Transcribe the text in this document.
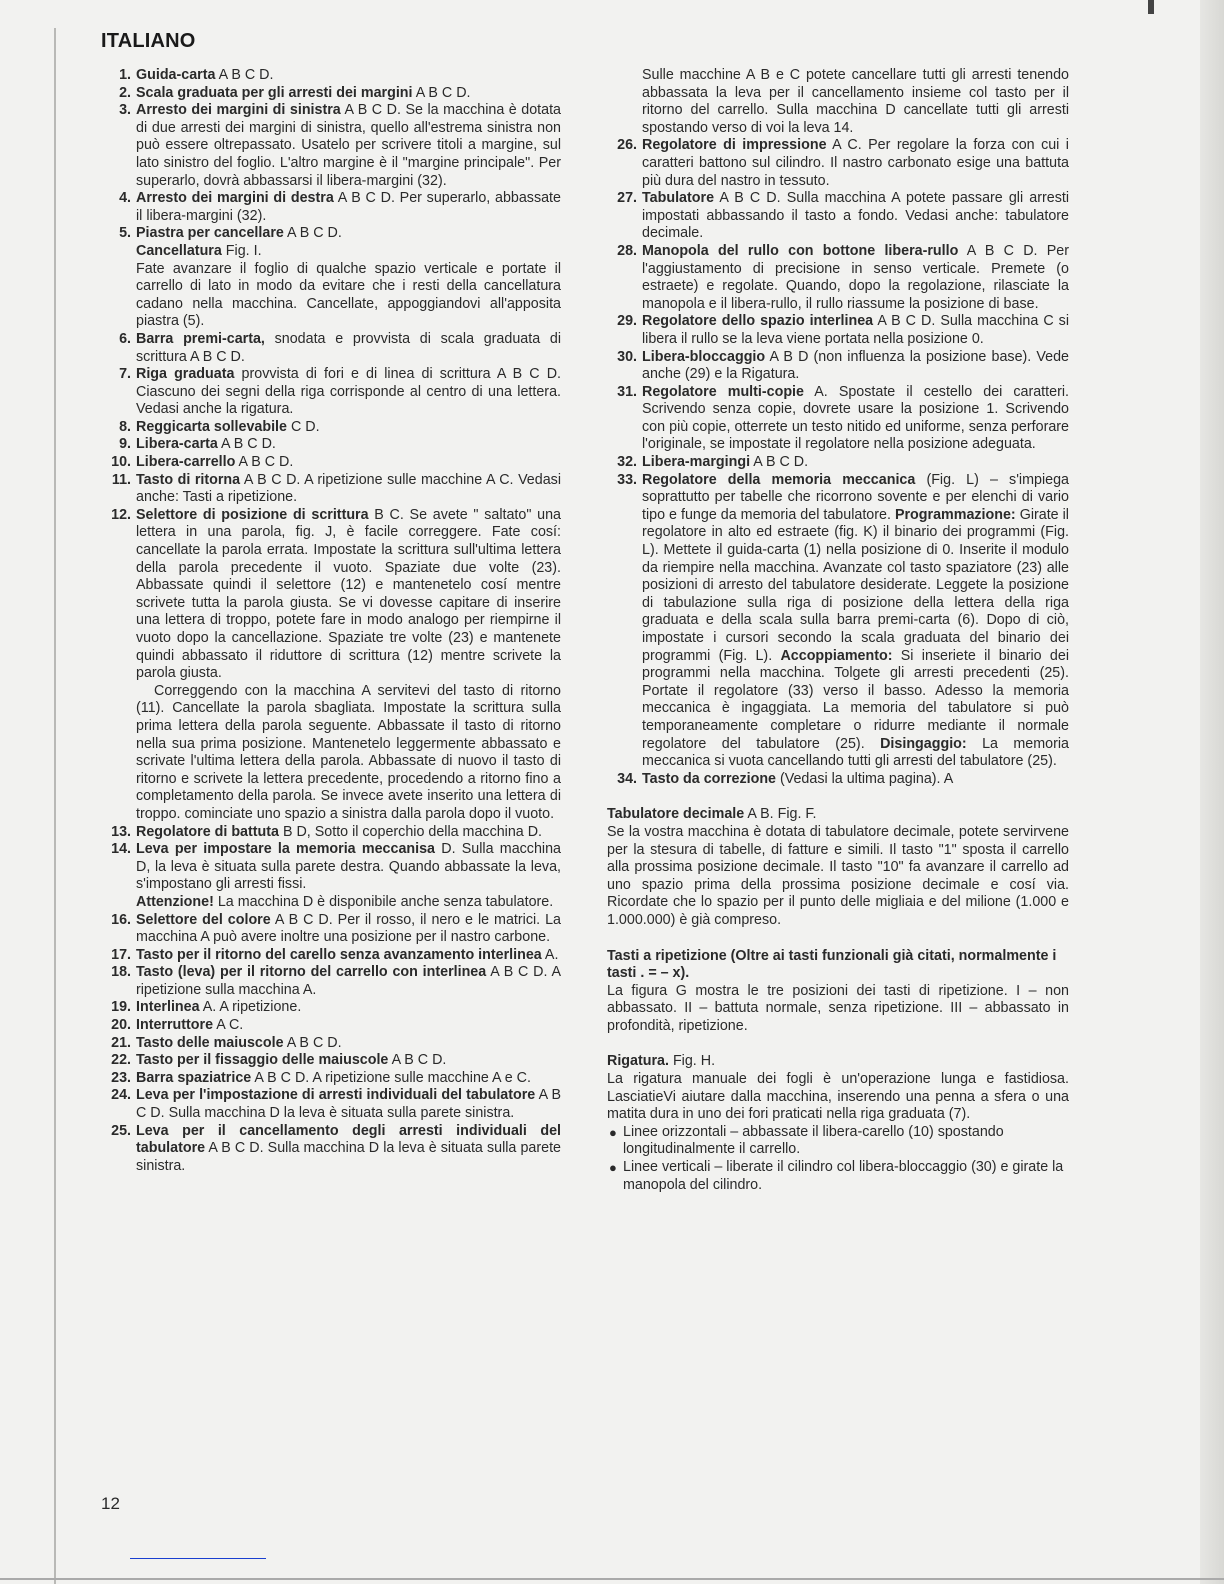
ITALIANO
1. Guida-carta A B C D.
2. Scala graduata per gli arresti dei margini A B C D.
3. Arresto dei margini di sinistra A B C D. Se la macchina è dotata di due arresti dei margini di sinistra, quello all'estrema sinistra non può essere oltrepassato. Usatelo per scrivere titoli a margine, sul lato sinistro del foglio. L'altro margine è il "margine principale". Per superarlo, dovrà abbassarsi il libera-margini (32).
4. Arresto dei margini di destra A B C D. Per superarlo, abbassate il libera-margini (32).
5. Piastra per cancellare A B C D.
Cancellatura Fig. I.
Fate avanzare il foglio di qualche spazio verticale e portate il carrello di lato in modo da evitare che i resti della cancellatura cadano nella macchina. Cancellate, appoggiandovi all'apposita piastra (5).
6. Barra premi-carta, snodata e provvista di scala graduata di scrittura A B C D.
7. Riga graduata provvista di fori e di linea di scrittura A B C D. Ciascuno dei segni della riga corrisponde al centro di una lettera. Vedasi anche la rigatura.
8. Reggicarta sollevabile C D.
9. Libera-carta A B C D.
10. Libera-carrello A B C D.
11. Tasto di ritorna A B C D. A ripetizione sulle macchine A C. Vedasi anche: Tasti a ripetizione.
12. Selettore di posizione di scrittura B C. Se avete " saltato" una lettera in una parola, fig. J, è facile correggere. Fate cosí: cancellate la parola errata. Impostate la scrittura sull'ultima lettera della parola precedente il vuoto. Spaziate due volte (23). Abbassate quindi il selettore (12) e mantenetelo cosí mentre scrivete tutta la parola giusta. Se vi dovesse capitare di inserire una lettera di troppo, potete fare in modo analogo per riempirne il vuoto dopo la cancellazione. Spaziate tre volte (23) e mantenete quindi abbassato il riduttore di scrittura (12) mentre scrivete la parola giusta.
Correggendo con la macchina A servitevi del tasto di ritorno (11). Cancellate la parola sbagliata. Impostate la scrittura sulla prima lettera della parola seguente. Abbassate il tasto di ritorno nella sua prima posizione. Mantenetelo leggermente abbassato e scrivate l'ultima lettera della parola. Abbassate di nuovo il tasto di ritorno e scrivete la lettera precedente, procedendo a ritorno fino a completamento della parola. Se invece avete inserito una lettera di troppo. cominciate uno spazio a sinistra dalla parola dopo il vuoto.
13. Regolatore di battuta B D, Sotto il coperchio della macchina D.
14. Leva per impostare la memoria meccanisa D. Sulla macchina D, la leva è situata sulla parete destra. Quando abbassate la leva, s'impostano gli arresti fissi.
Attenzione! La macchina D è disponibile anche senza tabulatore.
16. Selettore del colore A B C D. Per il rosso, il nero e le matrici. La macchina A può avere inoltre una posizione per il nastro carbone.
17. Tasto per il ritorno del carello senza avanzamento interlinea A.
18. Tasto (leva) per il ritorno del carrello con interlinea A B C D. A ripetizione sulla macchina A.
19. Interlinea A. A ripetizione.
20. Interruttore A C.
21. Tasto delle maiuscole A B C D.
22. Tasto per il fissaggio delle maiuscole A B C D.
23. Barra spaziatrice A B C D. A ripetizione sulle macchine A e C.
24. Leva per l'impostazione di arresti individuali del tabulatore A B C D. Sulla macchina D la leva è situata sulla parete sinistra.
25. Leva per il cancellamento degli arresti individuali del tabulatore A B C D. Sulla macchina D la leva è situata sulla parete sinistra.
Sulle macchine A B e C potete cancellare tutti gli arresti tenendo abbassata la leva per il cancellamento insieme col tasto per il ritorno del carrello. Sulla macchina D cancellate tutti gli arresti spostando verso di voi la leva 14.
26. Regolatore di impressione A C. Per regolare la forza con cui i caratteri battono sul cilindro. Il nastro carbonato esige una battuta più dura del nastro in tessuto.
27. Tabulatore A B C D. Sulla macchina A potete passare gli arresti impostati abbassando il tasto a fondo. Vedasi anche: tabulatore decimale.
28. Manopola del rullo con bottone libera-rullo A B C D. Per l'aggiustamento di precisione in senso verticale. Premete (o estraete) e regolate. Quando, dopo la regolazione, rilasciate la manopola e il libera-rullo, il rullo riassume la posizione di base.
29. Regolatore dello spazio interlinea A B C D. Sulla macchina C si libera il rullo se la leva viene portata nella posizione 0.
30. Libera-bloccaggio A B D (non influenza la posizione base). Vede anche (29) e la Rigatura.
31. Regolatore multi-copie A. Spostate il cestello dei caratteri. Scrivendo senza copie, dovrete usare la posizione 1. Scrivendo con più copie, otterrete un testo nitido ed uniforme, senza perforare l'originale, se impostate il regolatore nella posizione adeguata.
32. Libera-margingi A B C D.
33. Regolatore della memoria meccanica (Fig. L) – s'impiega soprattutto per tabelle che ricorrono sovente e per elenchi di vario tipo e funge da memoria del tabulatore. Programmazione: Girate il regolatore in alto ed estraete (fig. K) il binario dei programmi (Fig. L). Mettete il guida-carta (1) nella posizione di 0. Inserite il modulo da riempire nella macchina. Avanzate col tasto spaziatore (23) alle posizioni di arresto del tabulatore desiderate. Leggete la posizione di tabulazione sulla riga di posizione della lettera della riga graduata e della scala sulla barra premi-carta (6). Dopo di ciò, impostate i cursori secondo la scala graduata del binario dei programmi (Fig. L). Accoppiamento: Si inseriete il binario dei programmi nella macchina. Tolgete gli arresti precedenti (25). Portate il regolatore (33) verso il basso. Adesso la memoria meccanica è ingaggiata. La memoria del tabulatore si può temporaneamente completare o ridurre mediante il normale regolatore del tabulatore (25). Disingaggio: La memoria meccanica si vuota cancellando tutti gli arresti del tabulatore (25).
34. Tasto da correzione (Vedasi la ultima pagina). A
Tabulatore decimale A B. Fig. F.
Se la vostra macchina è dotata di tabulatore decimale, potete servirvene per la stesura di tabelle, di fatture e simili. Il tasto "1" sposta il carrello alla prossima posizione decimale. Il tasto "10" fa avanzare il carrello ad uno spazio prima della prossima posizione decimale e cosí via. Ricordate che lo spazio per il punto delle migliaia e del milione (1.000 e 1.000.000) è già compreso.
Tasti a ripetizione (Oltre ai tasti funzionali già citati, normalmente i tasti . = – x).
La figura G mostra le tre posizioni dei tasti di ripetizione. I – non abbassato. II – battuta normale, senza ripetizione. III – abbassato in profondità, ripetizione.
Rigatura. Fig. H.
La rigatura manuale dei fogli è un'operazione lunga e fastidiosa. LasciatieVi aiutare dalla macchina, inserendo una penna a sfera o una matita dura in uno dei fori praticati nella riga graduata (7).
● Linee orizzontali – abbassate il libera-carello (10) spostando longitudinalmente il carrello.
● Linee verticali – liberate il cilindro col libera-bloccaggio (30) e girate la manopola del cilindro.
12
